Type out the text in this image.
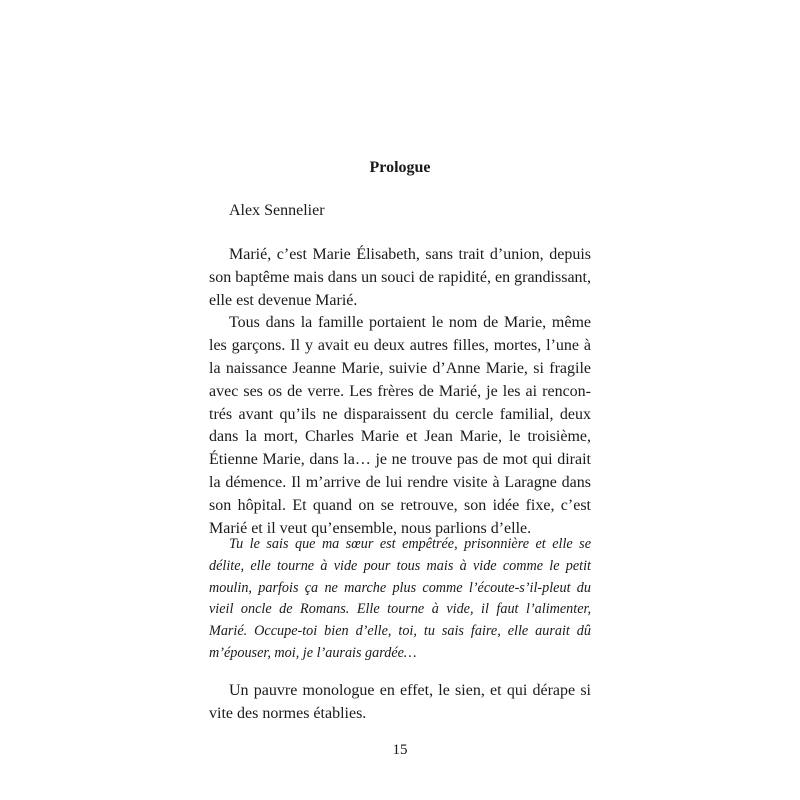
Prologue

Alex Sennelier

Marié, c’est Marie Élisabeth, sans trait d’union, depuis son baptême mais dans un souci de rapidité, en grandissant, elle est devenue Marié.

Tous dans la famille portaient le nom de Marie, même les garçons. Il y avait eu deux autres filles, mortes, l’une à la naissance Jeanne Marie, suivie d’Anne Marie, si fragile avec ses os de verre. Les frères de Marié, je les ai rencontrés avant qu’ils ne disparaissent du cercle familial, deux dans la mort, Charles Marie et Jean Marie, le troisième, Étienne Marie, dans la… je ne trouve pas de mot qui dirait la démence. Il m’arrive de lui rendre visite à Laragne dans son hôpital. Et quand on se retrouve, son idée fixe, c’est Marié et il veut qu’ensemble, nous parlions d’elle.

Tu le sais que ma sœur est empêtrée, prisonnière et elle se délite, elle tourne à vide pour tous mais à vide comme le petit moulin, parfois ça ne marche plus comme l’écoute-s’il-pleut du vieil oncle de Romans. Elle tourne à vide, il faut l’alimenter, Marié. Occupe-toi bien d’elle, toi, tu sais faire, elle aurait dû m’épouser, moi, je l’aurais gardée…

Un pauvre monologue en effet, le sien, et qui dérape si vite des normes établies.

15
